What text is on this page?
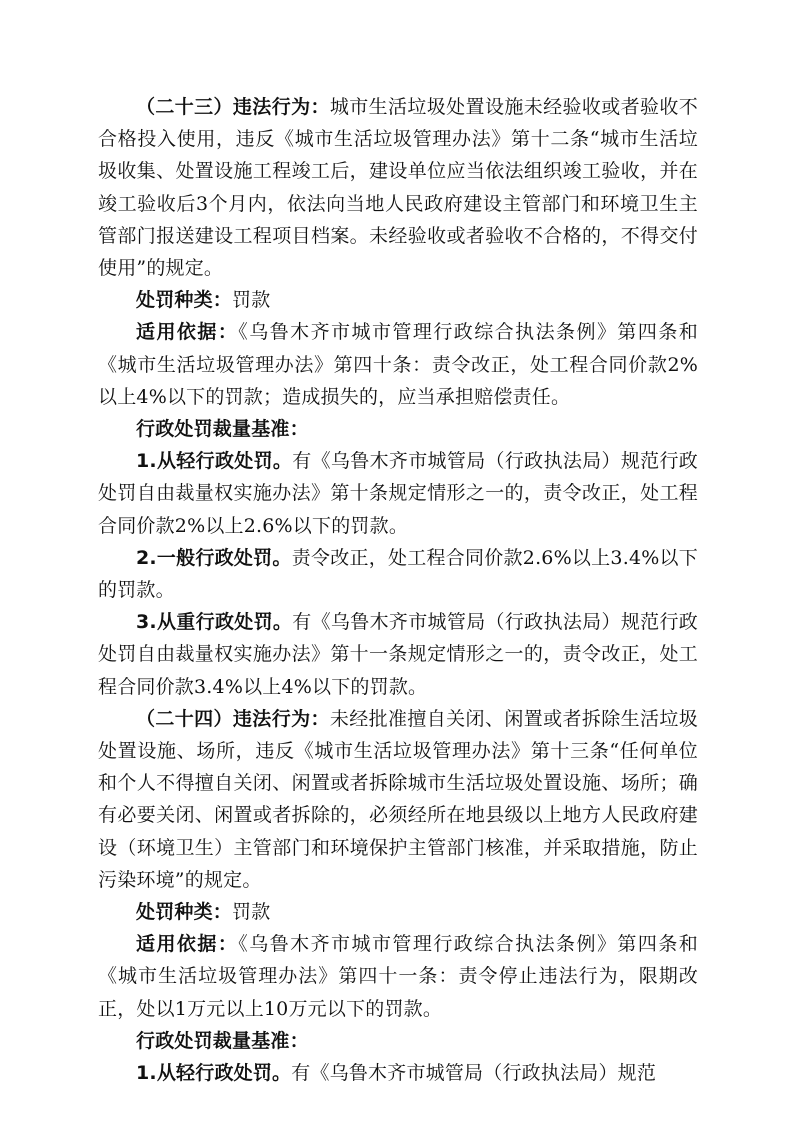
（二十三）违法行为：城市生活垃圾处置设施未经验收或者验收不合格投入使用，违反《城市生活垃圾管理办法》第十二条“城市生活垃圾收集、处置设施工程竣工后，建设单位应当依法组织竣工验收，并在竣工验收后3个月内，依法向当地人民政府建设主管部门和环境卫生主管部门报送建设工程项目档案。未经验收或者验收不合格的，不得交付使用”的规定。

处罚种类：罚款

适用依据：《乌鲁木齐市城市管理行政综合执法条例》第四条和《城市生活垃圾管理办法》第四十条：责令改正，处工程合同价款2%以上4%以下的罚款；造成损失的，应当承担赔偿责任。

行政处罚裁量基准：

1.从轻行政处罚。有《乌鲁木齐市城管局（行政执法局）规范行政处罚自由裁量权实施办法》第十条规定情形之一的，责令改正，处工程合同价款2%以上2.6%以下的罚款。

2.一般行政处罚。责令改正，处工程合同价款2.6%以上3.4%以下的罚款。

3.从重行政处罚。有《乌鲁木齐市城管局（行政执法局）规范行政处罚自由裁量权实施办法》第十一条规定情形之一的，责令改正，处工程合同价款3.4%以上4%以下的罚款。

（二十四）违法行为：未经批准擅自关闭、闲置或者拆除生活垃圾处置设施、场所，违反《城市生活垃圾管理办法》第十三条“任何单位和个人不得擅自关闭、闲置或者拆除城市生活垃圾处置设施、场所；确有必要关闭、闲置或者拆除的，必须经所在地县级以上地方人民政府建设（环境卫生）主管部门和环境保护主管部门核准，并采取措施，防止污染环境”的规定。

处罚种类：罚款

适用依据：《乌鲁木齐市城市管理行政综合执法条例》第四条和《城市生活垃圾管理办法》第四十一条：责令停止违法行为，限期改正，处以1万元以上10万元以下的罚款。

行政处罚裁量基准：

1.从轻行政处罚。有《乌鲁木齐市城管局（行政执法局）规范
